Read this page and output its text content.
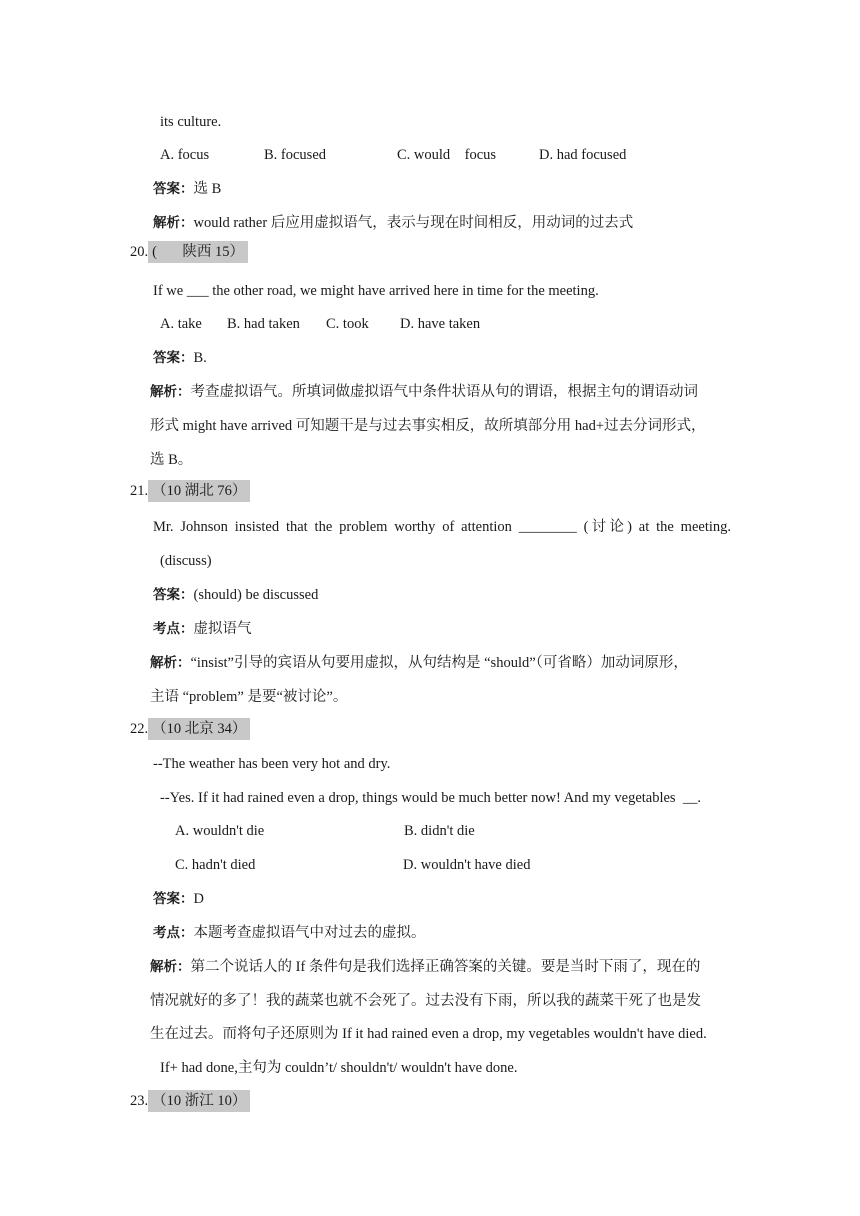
its culture.
A. focus	B. focused	C. would    focus	D. had focused
答案：选 B
解析：would rather 后应用虚拟语气，表示与现在时间相反，用动词的过去式
20. (       陕西 15）
If we ___ the other road, we might have arrived here in time for the meeting.
A. take B. had taken C. took D. have taken
答案：B.
解析：考查虚拟语气。所填词做虚拟语气中条件状语从句的谓语，根据主句的谓语动词
形式 might have arrived 可知题干是与过去事实相反，故所填部分用 had+过去分词形式，
选 B。
21. （10 湖北 76）
Mr. Johnson insisted that the problem worthy of attention ________ (讨论) at the meeting.
(discuss)
答案：(should) be discussed
考点：虚拟语气
解析：“insist”引导的宾语从句要用虚拟，从句结构是 “should”（可省略）加动词原形，
主语 “problem” 是要“被讨论”。
22. （10 北京 34）
--The weather has been very hot and dry.
--Yes. If it had rained even a drop, things would be much better now! And my vegetables  __.
A. wouldn't die	B. didn't die
C. hadn't died	D. wouldn't have died
答案：D
考点：本题考查虚拟语气中对过去的虚拟。
解析：第二个说话人的 If 条件句是我们选择正确答案的关键。要是当时下雨了，现在的
情况就好的多了！我的蔬菜也就不会死了。过去没有下雨，所以我的蔬菜干死了也是发
生在过去。而将句子还原则为 If it had rained even a drop, my vegetables wouldn't have died.
If+ had done,主句为 couldn’t/ shouldn't/ wouldn't have done.
23. （10 浙江 10）
